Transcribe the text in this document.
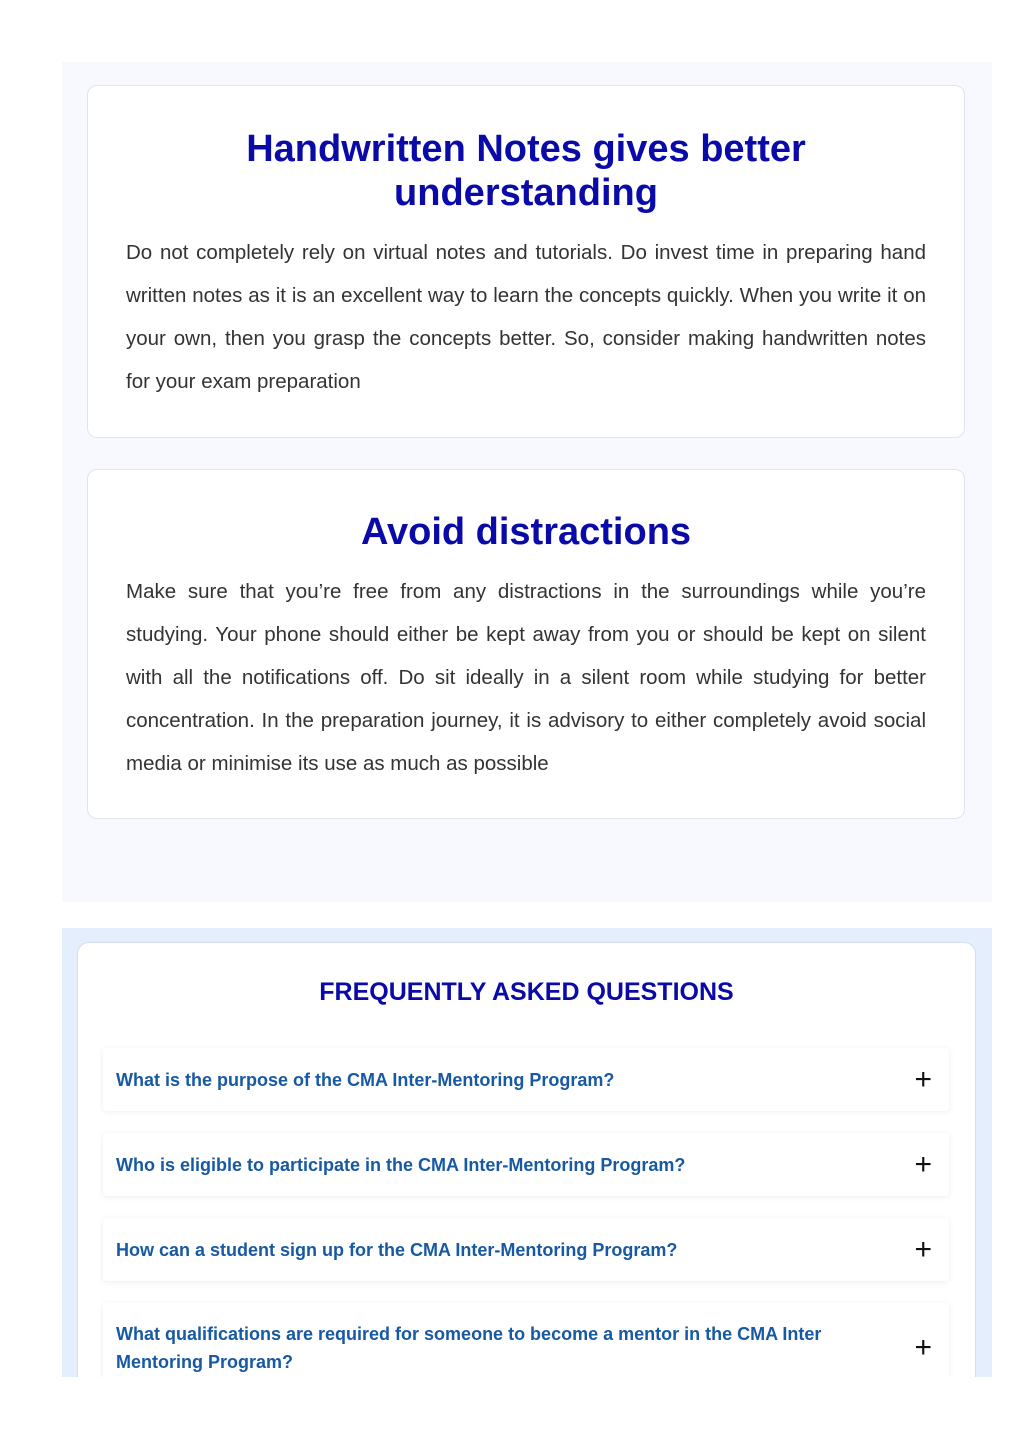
Handwritten Notes gives better understanding

Do not completely rely on virtual notes and tutorials. Do invest time in preparing hand written notes as it is an excellent way to learn the concepts quickly. When you write it on your own, then you grasp the concepts better. So, consider making handwritten notes for your exam preparation

Avoid distractions

Make sure that you’re free from any distractions in the surroundings while you’re studying. Your phone should either be kept away from you or should be kept on silent with all the notifications off. Do sit ideally in a silent room while studying for better concentration. In the preparation journey, it is advisory to either completely avoid social media or minimise its use as much as possible

FREQUENTLY ASKED QUESTIONS
What is the purpose of the CMA Inter-Mentoring Program?	+
Who is eligible to participate in the CMA Inter-Mentoring Program?	+
How can a student sign up for the CMA Inter-Mentoring Program?	+
What qualifications are required for someone to become a mentor in the CMA Inter Mentoring Program?	+
